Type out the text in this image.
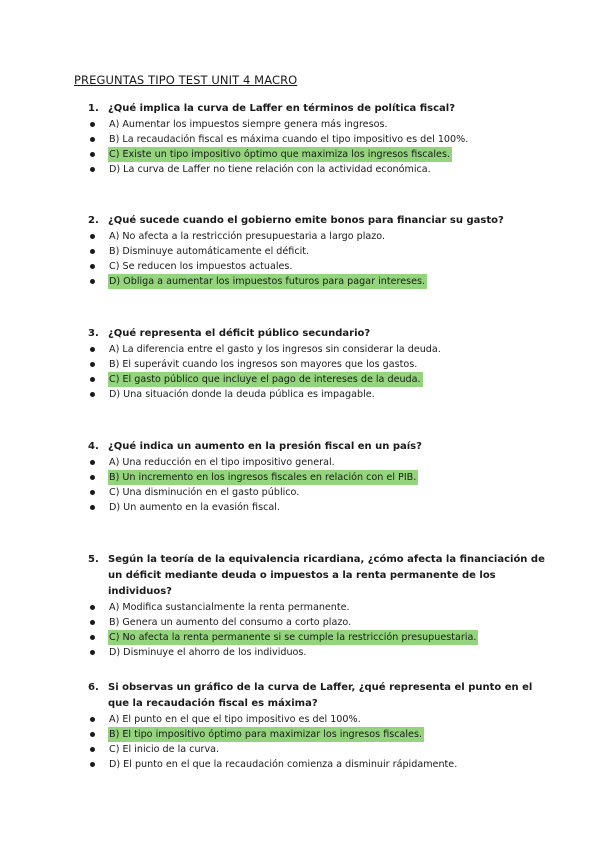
PREGUNTAS TIPO TEST UNIT 4 MACRO
1. ¿Qué implica la curva de Laffer en términos de política fiscal?
A) Aumentar los impuestos siempre genera más ingresos.
B) La recaudación fiscal es máxima cuando el tipo impositivo es del 100%.
C) Existe un tipo impositivo óptimo que maximiza los ingresos fiscales.
D) La curva de Laffer no tiene relación con la actividad económica.
2. ¿Qué sucede cuando el gobierno emite bonos para financiar su gasto?
A) No afecta a la restricción presupuestaria a largo plazo.
B) Disminuye automáticamente el déficit.
C) Se reducen los impuestos actuales.
D) Obliga a aumentar los impuestos futuros para pagar intereses.
3. ¿Qué representa el déficit público secundario?
A) La diferencia entre el gasto y los ingresos sin considerar la deuda.
B) El superávit cuando los ingresos son mayores que los gastos.
C) El gasto público que incluye el pago de intereses de la deuda.
D) Una situación donde la deuda pública es impagable.
4. ¿Qué indica un aumento en la presión fiscal en un país?
A) Una reducción en el tipo impositivo general.
B) Un incremento en los ingresos fiscales en relación con el PIB.
C) Una disminución en el gasto público.
D) Un aumento en la evasión fiscal.
5. Según la teoría de la equivalencia ricardiana, ¿cómo afecta la financiación de un déficit mediante deuda o impuestos a la renta permanente de los individuos?
A) Modifica sustancialmente la renta permanente.
B) Genera un aumento del consumo a corto plazo.
C) No afecta la renta permanente si se cumple la restricción presupuestaria.
D) Disminuye el ahorro de los individuos.
6. Si observas un gráfico de la curva de Laffer, ¿qué representa el punto en el que la recaudación fiscal es máxima?
A) El punto en el que el tipo impositivo es del 100%.
B) El tipo impositivo óptimo para maximizar los ingresos fiscales.
C) El inicio de la curva.
D) El punto en el que la recaudación comienza a disminuir rápidamente.
